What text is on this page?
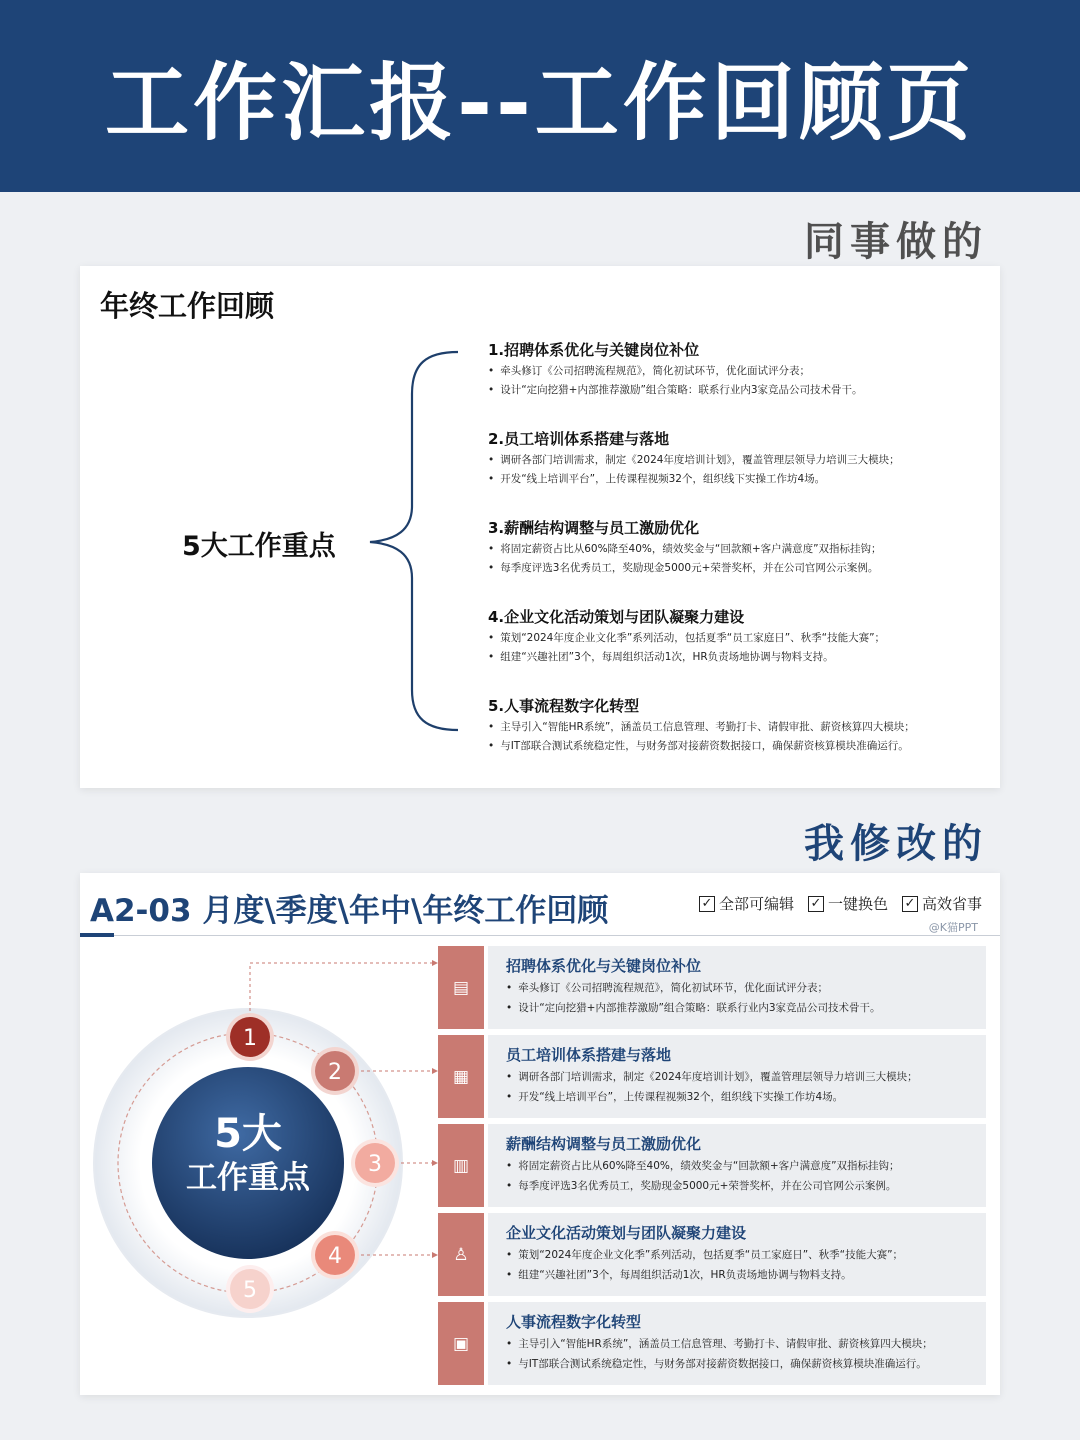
工作汇报--工作回顾页
同事做的
年终工作回顾
5大工作重点
1.招聘体系优化与关键岗位补位
• 牵头修订《公司招聘流程规范》，简化初试环节，优化面试评分表；
• 设计“定向挖猎+内部推荐激励”组合策略：联系行业内3家竞品公司技术骨干。
2.员工培训体系搭建与落地
• 调研各部门培训需求，制定《2024年度培训计划》，覆盖管理层领导力培训三大模块；
• 开发“线上培训平台”，上传课程视频32个，组织线下实操工作坊4场。
3.薪酬结构调整与员工激励优化
• 将固定薪资占比从60%降至40%，绩效奖金与“回款额+客户满意度”双指标挂钩；
• 每季度评选3名优秀员工，奖励现金5000元+荣誉奖杯，并在公司官网公示案例。
4.企业文化活动策划与团队凝聚力建设
• 策划“2024年度企业文化季”系列活动，包括夏季“员工家庭日”、秋季“技能大赛”；
• 组建“兴趣社团”3个，每周组织活动1次，HR负责场地协调与物料支持。
5.人事流程数字化转型
• 主导引入“智能HR系统”，涵盖员工信息管理、考勤打卡、请假审批、薪资核算四大模块；
• 与IT部联合测试系统稳定性，与财务部对接薪资数据接口，确保薪资核算模块准确运行。
我修改的
A2-03 月度\季度\年中\年终工作回顾	✓ 全部可编辑 ✓ 一键换色 ✓ 高效省事
@K猫PPT
1
2
3
4
5
5大
工作重点
▤
招聘体系优化与关键岗位补位
• 牵头修订《公司招聘流程规范》，简化初试环节，优化面试评分表；
• 设计“定向挖猎+内部推荐激励”组合策略：联系行业内3家竞品公司技术骨干。
▦
员工培训体系搭建与落地
• 调研各部门培训需求，制定《2024年度培训计划》，覆盖管理层领导力培训三大模块；
• 开发“线上培训平台”，上传课程视频32个，组织线下实操工作坊4场。
▥
薪酬结构调整与员工激励优化
• 将固定薪资占比从60%降至40%，绩效奖金与“回款额+客户满意度”双指标挂钩；
• 每季度评选3名优秀员工，奖励现金5000元+荣誉奖杯，并在公司官网公示案例。
♙
企业文化活动策划与团队凝聚力建设
• 策划“2024年度企业文化季”系列活动，包括夏季“员工家庭日”、秋季“技能大赛”；
• 组建“兴趣社团”3个，每周组织活动1次，HR负责场地协调与物料支持。
▣
人事流程数字化转型
• 主导引入“智能HR系统”，涵盖员工信息管理、考勤打卡、请假审批、薪资核算四大模块；
• 与IT部联合测试系统稳定性，与财务部对接薪资数据接口，确保薪资核算模块准确运行。
